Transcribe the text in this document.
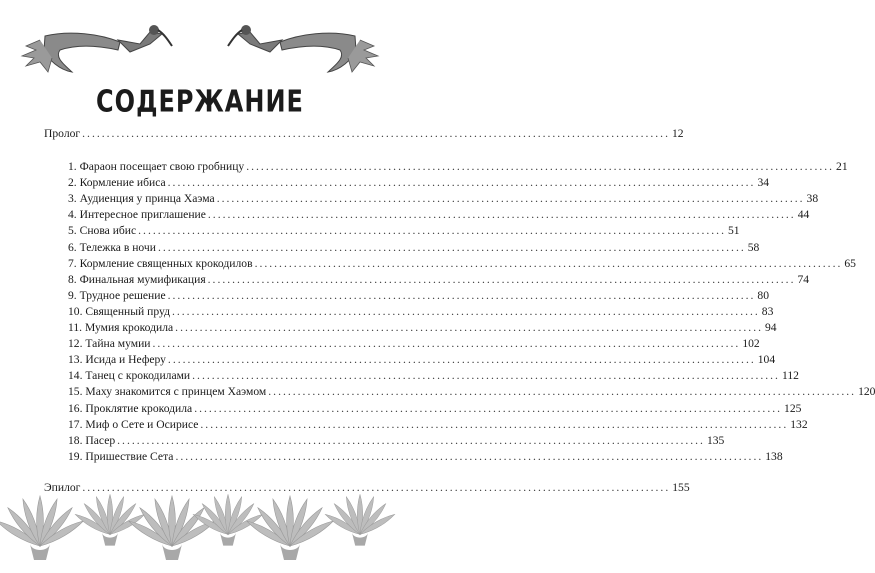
СОДЕРЖАНИЕ
Пролог ........................................................................................................................ 12
1. Фараон посещает свою гробницу ........................................................................................................................ 21
2. Кормление ибиса ........................................................................................................................ 34
3. Аудиенция у принца Хаэма ........................................................................................................................ 38
4. Интересное приглашение ........................................................................................................................ 44
5. Снова ибис ........................................................................................................................ 51
6. Тележка в ночи ........................................................................................................................ 58
7. Кормление священных крокодилов ........................................................................................................................ 65
8. Финальная мумификация ........................................................................................................................ 74
9. Трудное решение ........................................................................................................................ 80
10. Священный пруд ........................................................................................................................ 83
11. Мумия крокодила ........................................................................................................................ 94
12. Тайна мумии ........................................................................................................................ 102
13. Исида и Неферу ........................................................................................................................ 104
14. Танец с крокодилами ........................................................................................................................ 112
15. Маху знакомится с принцем Хаэмом ........................................................................................................................ 120
16. Проклятие крокодила ........................................................................................................................ 125
17. Миф о Сете и Осирисе ........................................................................................................................ 132
18. Пасер ........................................................................................................................ 135
19. Пришествие Сета ........................................................................................................................ 138
Эпилог ........................................................................................................................ 155
